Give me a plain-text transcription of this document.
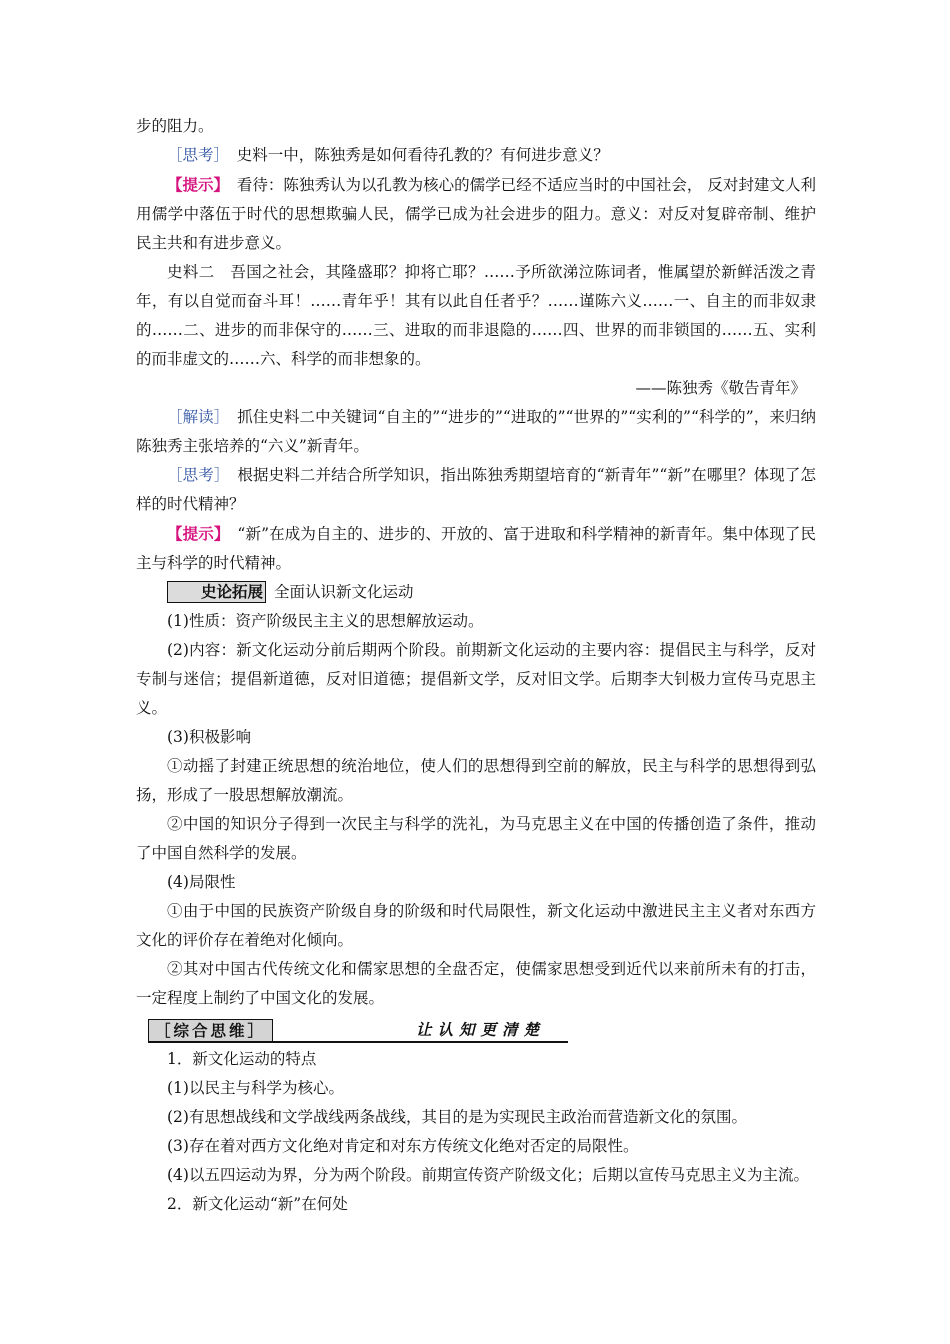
步的阻力。

［思考］　 史料一中，陈独秀是如何看待孔教的？有何进步意义？

【提示】　 看待：陈独秀认为以孔教为核心的儒学已经不适应当时的中国社会， 反对封建文人利用儒学中落伍于时代的思想欺骗人民，儒学已成为社会进步的阻力。意义：对反对复辟帝制、维护民主共和有进步意义。

史料二　吾国之社会，其隆盛耶？抑将亡耶？……予所欲涕泣陈词者，惟属望於新鲜活泼之青年，有以自觉而奋斗耳！……青年乎！其有以此自任者乎？……谨陈六义……一、自主的而非奴隶的……二、进步的而非保守的……三、进取的而非退隐的……四、世界的而非锁国的……五、实利的而非虚文的……六、科学的而非想象的。

——陈独秀《敬告青年》

［解读］　 抓住史料二中关键词“自主的”“进步的”“进取的”“世界的”“实利的”“科学的”，来归纳陈独秀主张培养的“六义”新青年。

［思考］　 根据史料二并结合所学知识，指出陈独秀期望培育的“新青年”“新”在哪里？体现了怎样的时代精神？

【提示】　 “新”在成为自主的、进步的、开放的、富于进取和科学精神的新青年。集中体现了民主与科学的时代精神。

史论拓展 全面认识新文化运动

(1)性质：资产阶级民主主义的思想解放运动。

(2)内容：新文化运动分前后期两个阶段。前期新文化运动的主要内容：提倡民主与科学，反对专制与迷信；提倡新道德，反对旧道德；提倡新文学，反对旧文学。后期李大钊极力宣传马克思主义。

(3)积极影响

①动摇了封建正统思想的统治地位，使人们的思想得到空前的解放，民主与科学的思想得到弘扬，形成了一股思想解放潮流。

②中国的知识分子得到一次民主与科学的洗礼，为马克思主义在中国的传播创造了条件，推动了中国自然科学的发展。

(4)局限性

①由于中国的民族资产阶级自身的阶级和时代局限性，新文化运动中激进民主主义者对东西方文化的评价存在着绝对化倾向。

②其对中国古代传统文化和儒家思想的全盘否定，使儒家思想受到近代以来前所未有的打击，一定程度上制约了中国文化的发展。

［综合思维］	让认知更清楚

1．新文化运动的特点

(1)以民主与科学为核心。

(2)有思想战线和文学战线两条战线，其目的是为实现民主政治而营造新文化的氛围。

(3)存在着对西方文化绝对肯定和对东方传统文化绝对否定的局限性。

(4)以五四运动为界，分为两个阶段。前期宣传资产阶级文化；后期以宣传马克思主义为主流。

2．新文化运动“新”在何处
